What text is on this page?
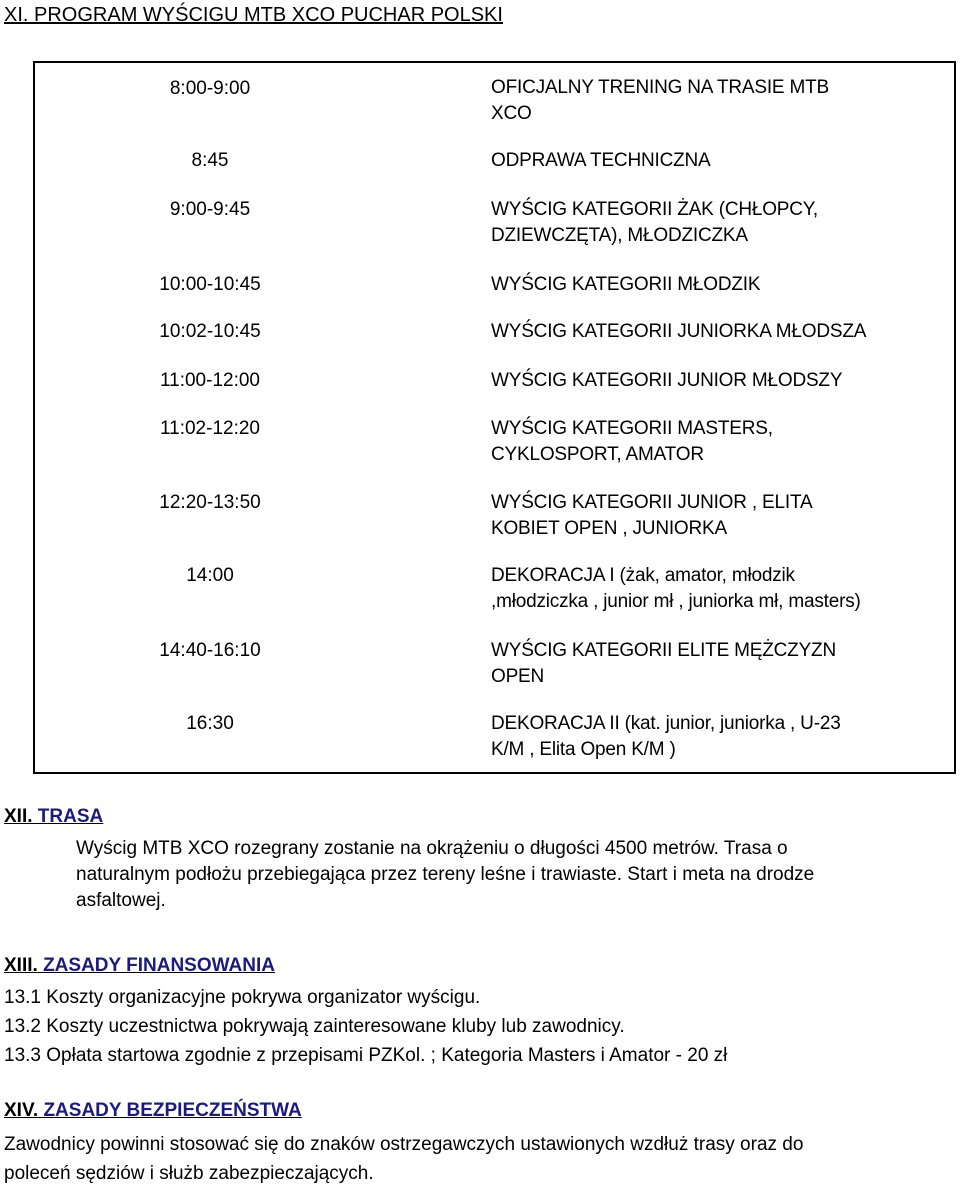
XI. PROGRAM WYŚCIGU MTB XCO PUCHAR POLSKI
8:00-9:00	OFICJALNY TRENING NA TRASIE MTB
XCO
8:45	ODPRAWA TECHNICZNA
9:00-9:45	WYŚCIG KATEGORII ŻAK (CHŁOPCY,
DZIEWCZĘTA), MŁODZICZKA
10:00-10:45	WYŚCIG KATEGORII MŁODZIK
10:02-10:45	WYŚCIG KATEGORII JUNIORKA MŁODSZA
11:00-12:00	WYŚCIG KATEGORII JUNIOR MŁODSZY
11:02-12:20	WYŚCIG KATEGORII MASTERS,
CYKLOSPORT, AMATOR
12:20-13:50	WYŚCIG KATEGORII JUNIOR , ELITA
KOBIET OPEN , JUNIORKA
14:00	DEKORACJA I (żak, amator, młodzik
,młodziczka , junior mł , juniorka mł, masters)
14:40-16:10	WYŚCIG KATEGORII ELITE MĘŻCZYZN
OPEN
16:30	DEKORACJA II (kat. junior, juniorka , U-23
K/M , Elita Open K/M )
XII. TRASA
Wyścig MTB XCO rozegrany zostanie na okrążeniu o długości 4500 metrów. Trasa o
naturalnym podłożu przebiegająca przez tereny leśne i trawiaste. Start i meta na drodze
asfaltowej.
XIII. ZASADY FINANSOWANIA
13.1 Koszty organizacyjne pokrywa organizator wyścigu.
13.2 Koszty uczestnictwa pokrywają zainteresowane kluby lub zawodnicy.
13.3 Opłata startowa zgodnie z przepisami PZKol. ; Kategoria Masters i Amator - 20 zł
XIV. ZASADY BEZPIECZEŃSTWA
Zawodnicy powinni stosować się do znaków ostrzegawczych ustawionych wzdłuż trasy oraz do
poleceń sędziów i służb zabezpieczających.
